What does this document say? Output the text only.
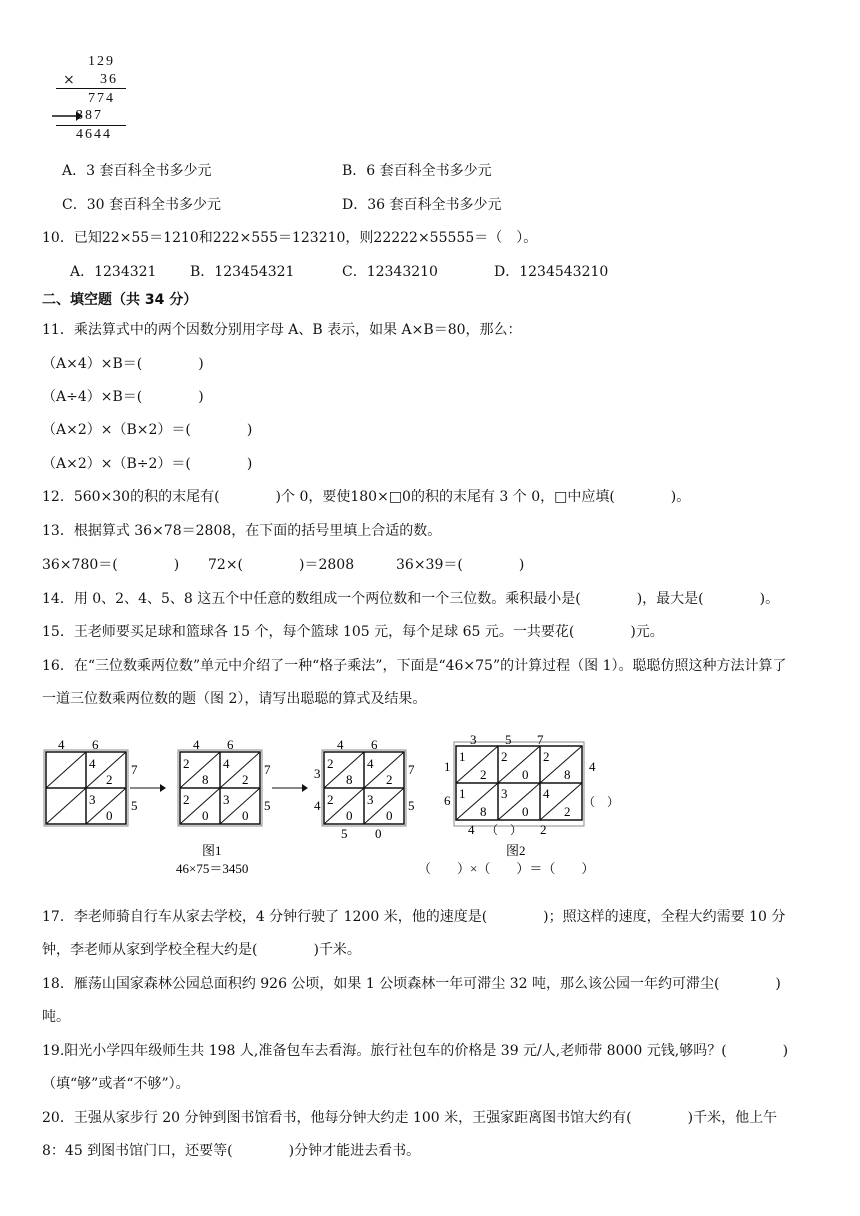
129
× 36
774
387
4644
A．3 套百科全书多少元	B．6 套百科全书多少元
C．30 套百科全书多少元	D．36 套百科全书多少元
10．已知22×55＝1210和222×555＝123210，则22222×55555＝（　）。
A．1234321 B．123454321	C．12343210	D．1234543210
二、填空题（共 34 分）
11．乘法算式中的两个因数分别用字母 A、B 表示，如果 A×B＝80，那么：
（A×4）×B＝(　　　　)
（A÷4）×B＝(　　　　)
（A×2）×（B×2）＝(　　　　)
（A×2）×（B÷2）＝(　　　　)
12．560×30的积的末尾有(　　　　)个 0，要使180×□0的积的末尾有 3 个 0，□中应填(　　　　)。
13．根据算式 36×78＝2808，在下面的括号里填上合适的数。
36×780＝(　　　　) 72×(　　　　)＝2808	36×39＝(　　　　)
14．用 0、2、4、5、8 这五个中任意的数组成一个两位数和一个三位数。乘积最小是(　　　　)，最大是(　　　　)。
15．王老师要买足球和篮球各 15 个，每个篮球 105 元，每个足球 65 元。一共要花(　　　　)元。
16．在“三位数乘两位数”单元中介绍了一种“格子乘法”，下面是“46×75”的计算过程（图 1）。聪聪仿照这种方法计算了
一道三位数乘两位数的题（图 2），请写出聪聪的算式及结果。
4 6
7
5
4
2
3
0
4 6
7
5
2
8
4
2
2
0
3
0
4 6
7
5
3
4
2
8
4
2
2
0
3
0
5 0
3 5 7
1
6
4
（　）
1
2
2
0
2
8
1
8
3
0
4
2
4 （　） 2
图1
46×75＝3450
图2
（　　）×（　　）＝（　　）
17．李老师骑自行车从家去学校，4 分钟行驶了 1200 米，他的速度是(　　　　)；照这样的速度，全程大约需要 10 分
钟，李老师从家到学校全程大约是(　　　　)千米。
18．雁荡山国家森林公园总面积约 926 公顷，如果 1 公顷森林一年可滞尘 32 吨，那么该公园一年约可滞尘(　　　　)
吨。
19.阳光小学四年级师生共 198 人,准备包车去看海。旅行社包车的价格是 39 元/人,老师带 8000 元钱,够吗？(　　　　)
（填“够”或者“不够”）。
20．王强从家步行 20 分钟到图书馆看书，他每分钟大约走 100 米，王强家距离图书馆大约有(　　　　)千米，他上午
8：45 到图书馆门口，还要等(　　　　)分钟才能进去看书。
